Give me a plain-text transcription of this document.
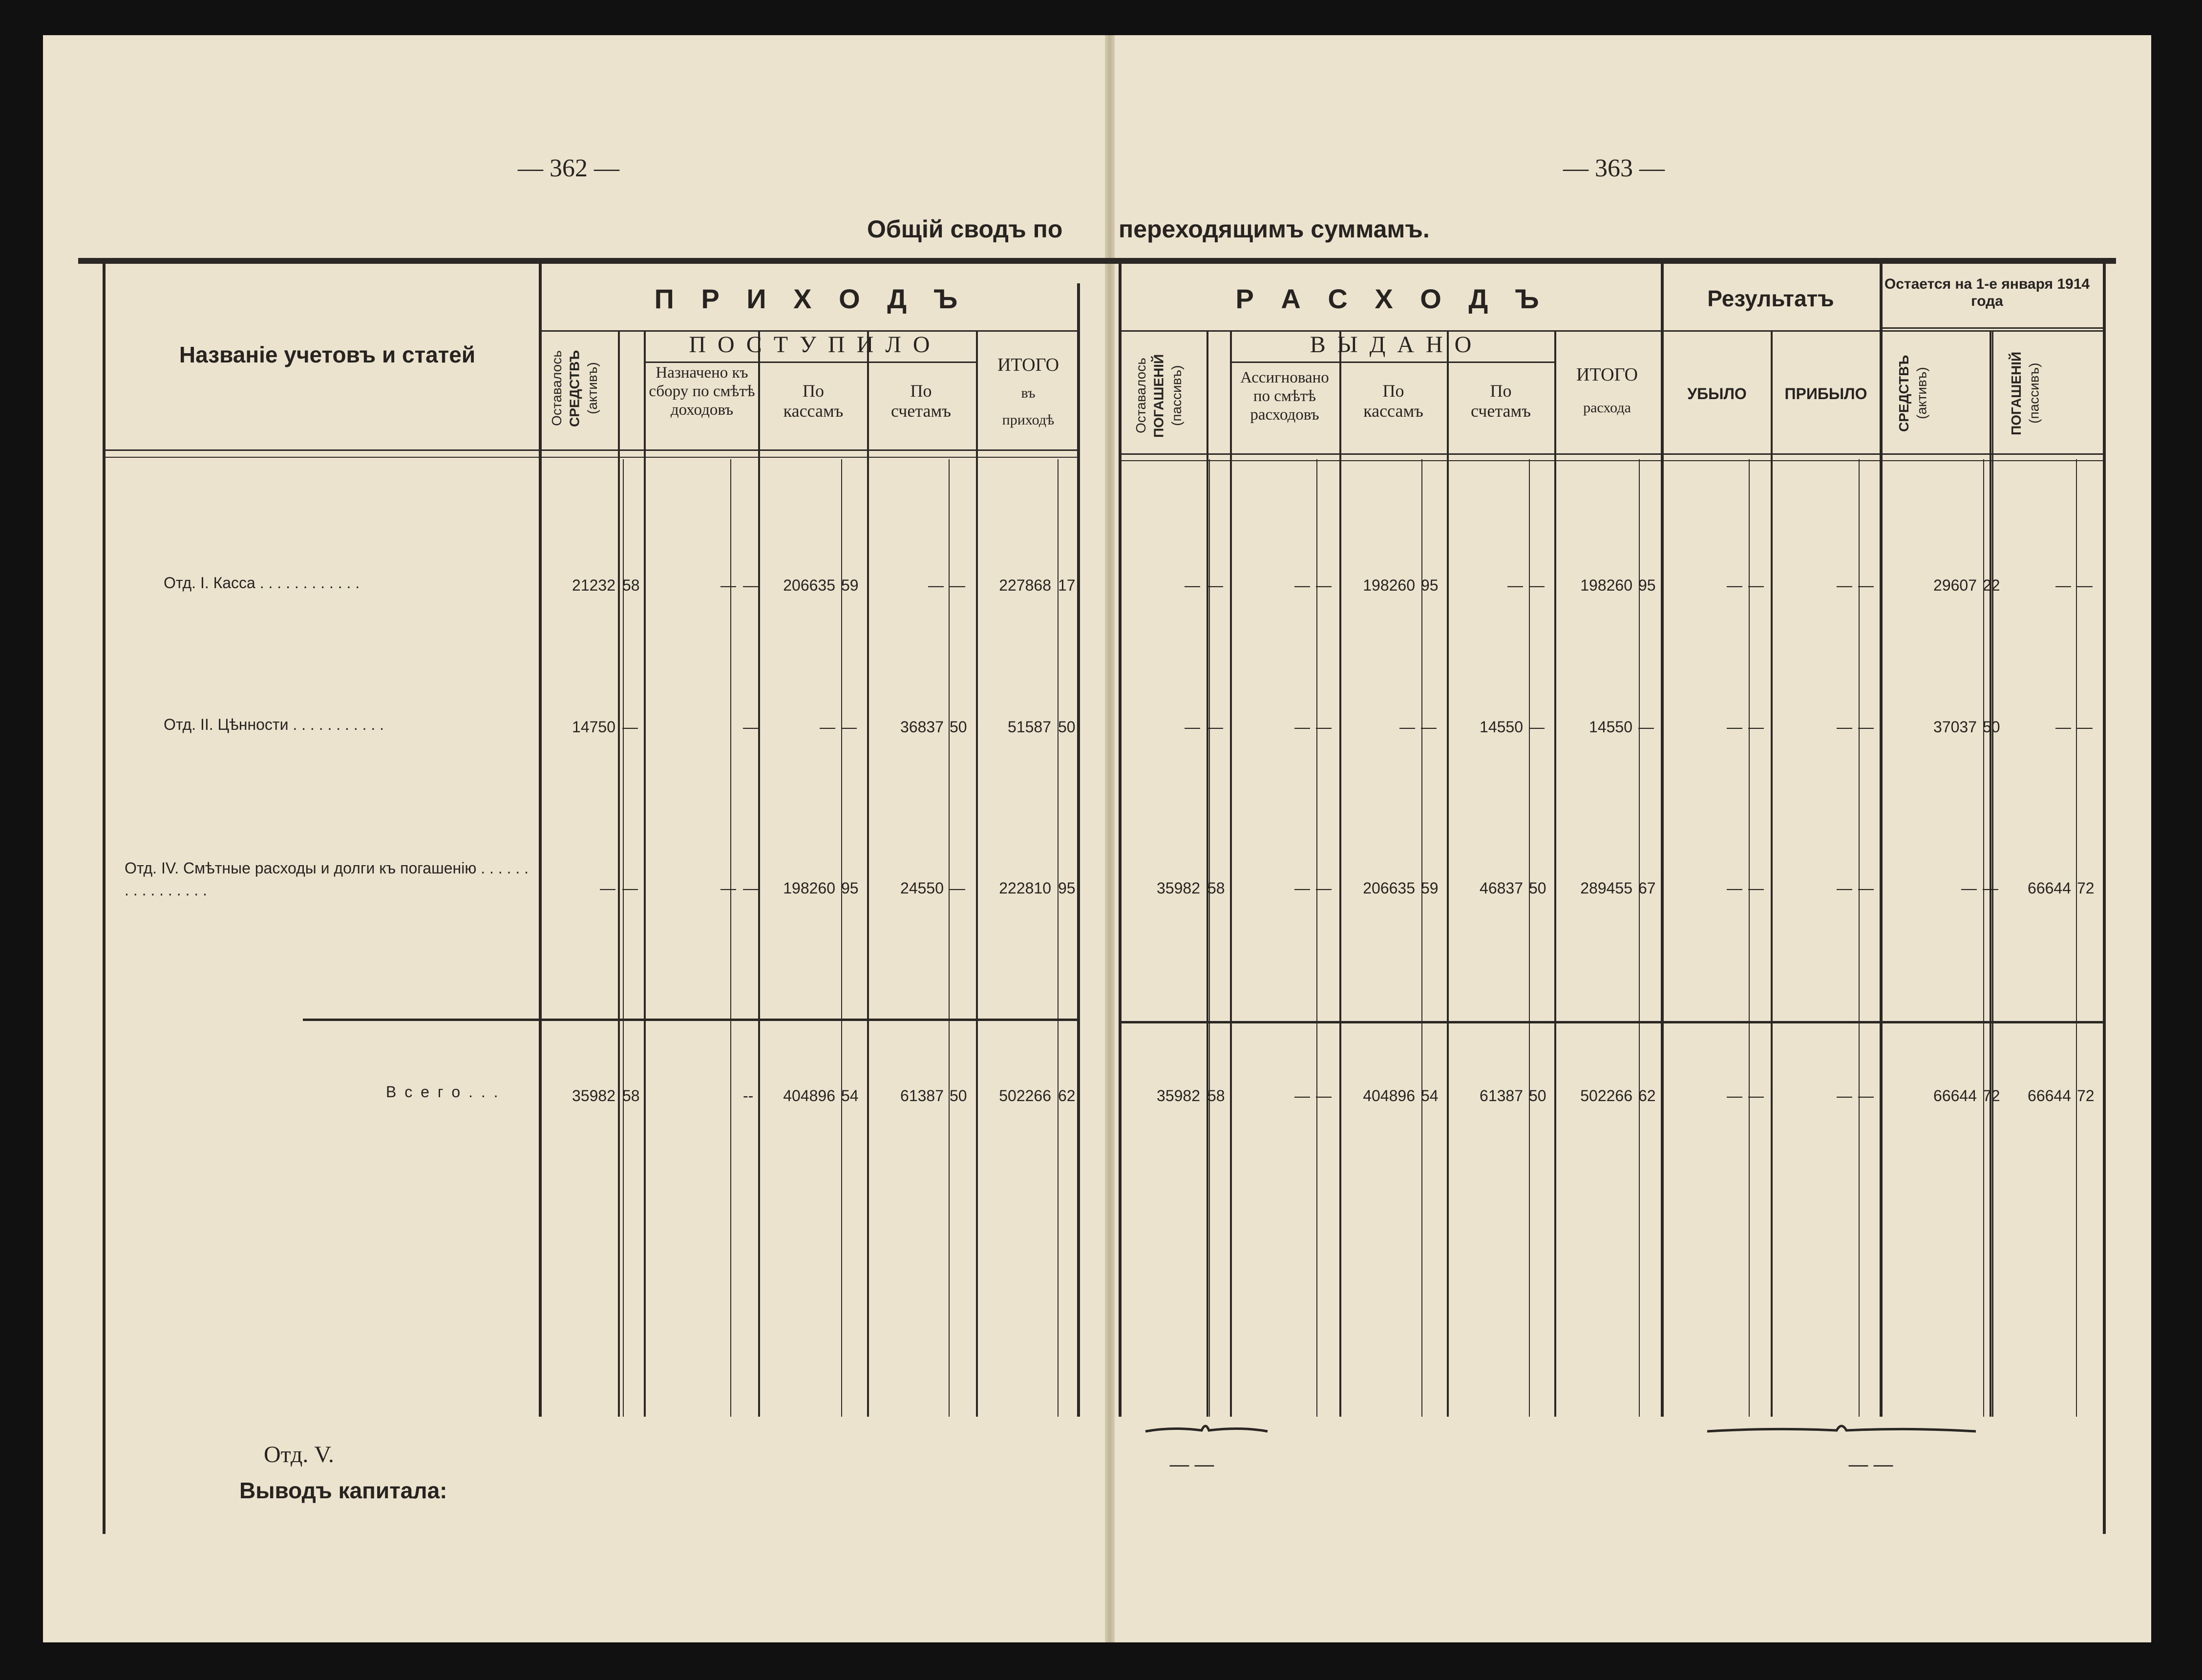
— 362 —	— 363 —
Общій сводъ по переходящимъ суммамъ.
Названіе учетовъ и статей
П Р И Х О Д Ъ
П О С Т У П И Л О
Оставалось СРЕДСТВЪ (активъ)	Назначено къ сбору по смѣтѣ доходовъ
По
кассамъ
По
счетамъ
ИТОГО
въ
приходѣ
Р А С Х О Д Ъ
В Ы Д А Н О
Оставалось ПОГАШЕНІЙ (пассивъ)	Ассигновано по смѣтѣ расходовъ
По
кассамъ
По
счетамъ
ИТОГО
расхода
Результатъ
УБЫЛО	ПРИБЫЛО
Остается на 1-е января 1914 года
СРЕДСТВЪ (активъ)	ПОГАШЕНІЙ (пассивъ)
Отд. I. Касса . . . . . . . . . . . .
Отд. II. Цѣнности . . . . . . . . . . .
Отд. IV. Смѣтные расходы и долги къ погашенію . . . . . . . . . . . . . . . .
В с е г о . . .
21232 58	— —	206635 59	— —	227868 17	— —	— —	198260 95	— —	198260 95	— —	— —	29607 22	— —
14750 —	—	— —	36837 50	51587 50	— —	— —	— —	14550 —	14550 —	— —	— —	37037 50	— —
— —	— —	198260 95	24550 —	222810 95	35982 58	— —	206635 59	46837 50	289455 67	— —	— —	— —	66644 72
35982 58	--	404896 54	61387 50	502266 62	35982 58	— —	404896 54	61387 50	502266 62	— —	— —	66644 72	66644 72
Отд. V.
Выводъ капитала:
— —	— —
